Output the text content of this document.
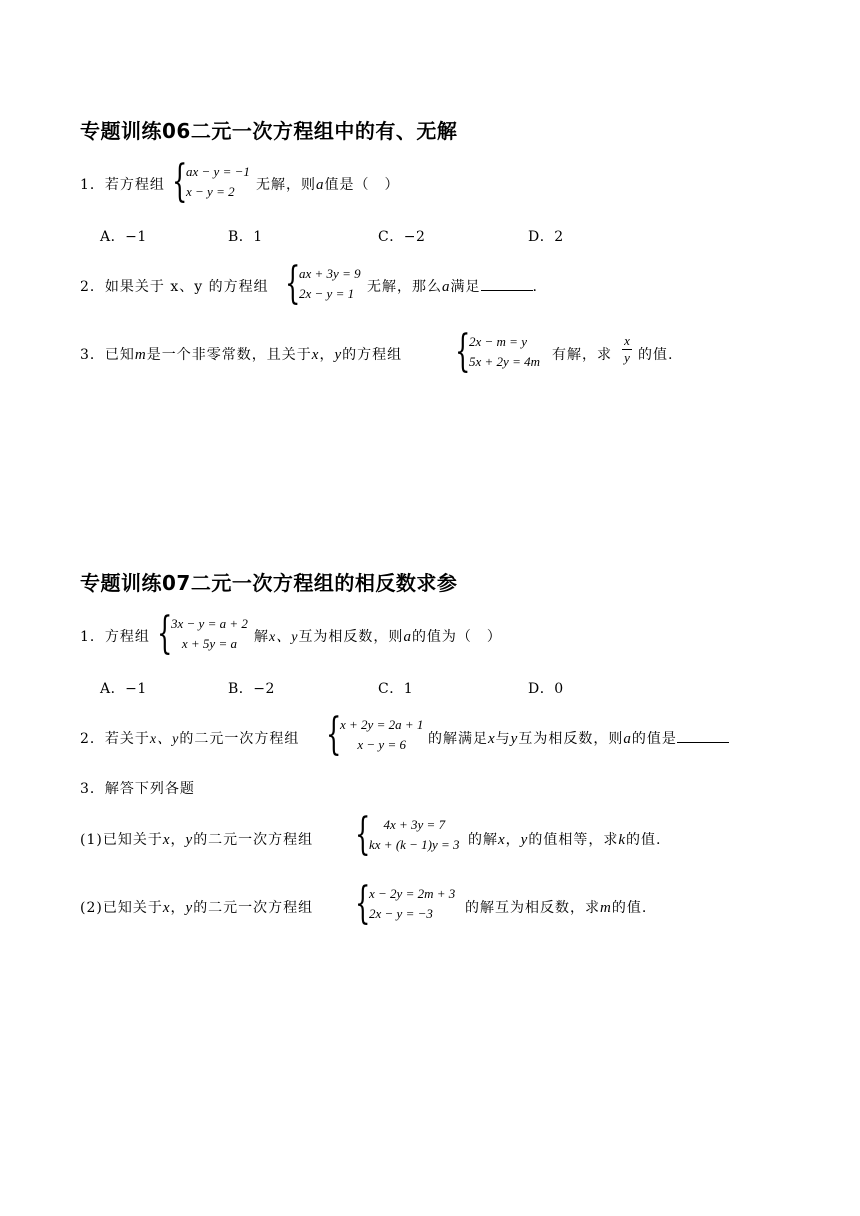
专题训练06二元一次方程组中的有、无解
1．若方程组 {
ax − y = −1
x − y = 2	无解，则a值是（　）
A．−1	B．1	C．−2	D．2
2．如果关于 x、y 的方程组 {
ax + 3y = 9
2x − y = 1 无解，那么a满足	.
3．已知m是一个非零常数，且关于x，y的方程组 {
2x − m = y
5x + 2y = 4m 有解，求
x
y 的值.
专题训练07二元一次方程组的相反数求参
1．方程组 {
3x − y = a + 2
x + 5y = a 解x、y互为相反数，则a的值为（　）
A．−1	B．−2	C．1	D．0
2．若关于x、y的二元一次方程组 {
x + 2y = 2a + 1
x − y = 6 的解满足x与y互为相反数，则a的值是
3．解答下列各题
(1)已知关于x，y的二元一次方程组 { 4x + 3y = 7
kx + (k − 1)y = 3 的解x，y的值相等，求k的值.
(2)已知关于x，y的二元一次方程组 {
x − 2y = 2m + 3
2x − y = −3	的解互为相反数，求m的值.
